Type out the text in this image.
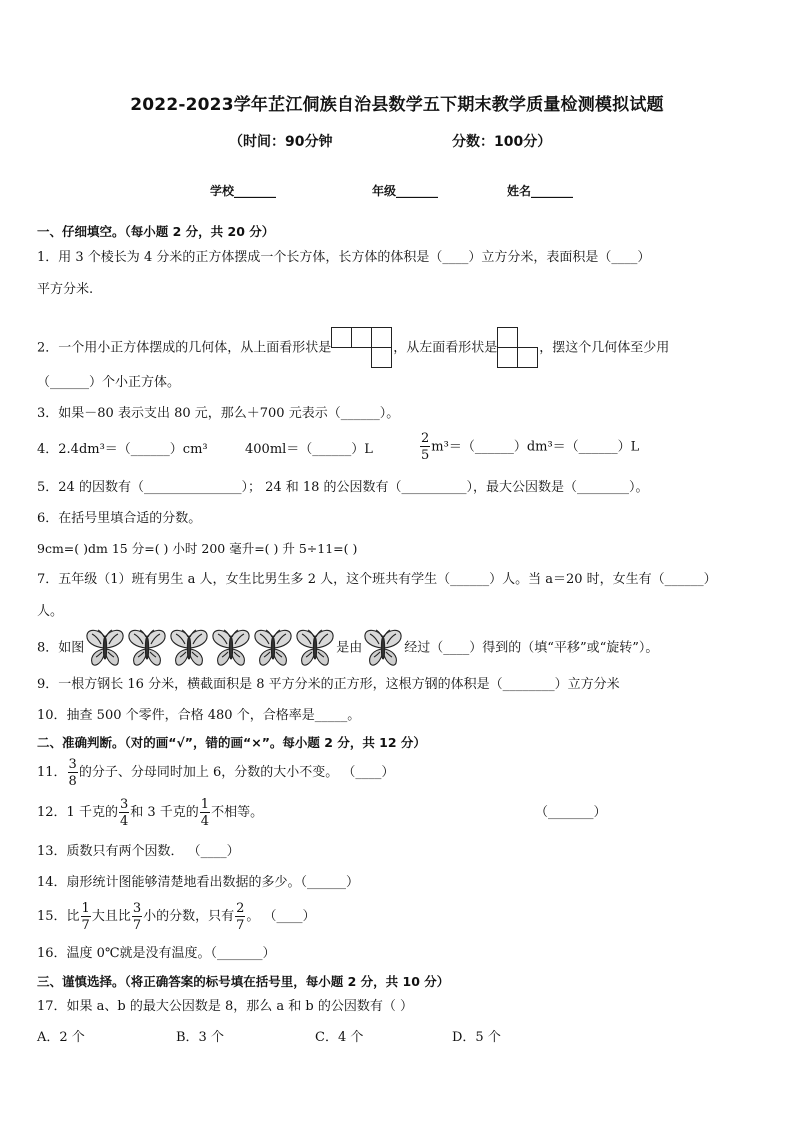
2022-2023学年芷江侗族自治县数学五下期末教学质量检测模拟试题
（时间：90分钟	分数：100分）
学校_______	年级_______	姓名_______
一、仔细填空。（每小题 2 分，共 20 分）
1．用 3 个棱长为 4 分米的正方体摆成一个长方体，长方体的体积是（____）立方分米，表面积是（____）
平方分米.
2．一个用小正方体摆成的几何体，从上面看形状是	，从左面看形状是	，摆这个几何体至少用
（______）个小正方体。
3．如果－80 表示支出 80 元，那么＋700 元表示（______）。
4．2.4dm³＝（______）cm³	400ml＝（______）L	$\frac{2}{5}$ m³＝（______）dm³＝（______）L
5．24 的因数有（_______________）； 24 和 18 的公因数有（__________），最大公因数是（________）。
6．在括号里填合适的分数。
9cm=( )dm 15 分=( ) 小时 200 毫升=( ) 升 5÷11=( )
7．五年级（1）班有男生 a 人，女生比男生多 2 人，这个班共有学生（______）人。当 a＝20 时，女生有（______）
人。
8．如图	是由	经过（____）得到的（填“平移”或“旋转”）。
9．一根方钢长 16 分米，横截面积是 8 平方分米的正方形，这根方钢的体积是（________）立方分米
10．抽查 500 个零件，合格 480 个，合格率是_____。
二、准确判断。（对的画“√”，错的画“×”。每小题 2 分，共 12 分）
11． $\frac{3}{8}$ 的分子、分母同时加上 6，分数的大小不变。 （____）
12．1 千克的 $\frac{3}{4}$ 和 3 千克的 $\frac{1}{4}$ 不相等。	（_______）
13．质数只有两个因数． （____）
14．扇形统计图能够清楚地看出数据的多少。（______）
15．比 $\frac{1}{7}$ 大且比 $\frac{3}{7}$ 小的分数，只有 $\frac{2}{7}$ 。 （____）
16．温度 0℃就是没有温度。（_______）
三、谨慎选择。（将正确答案的标号填在括号里，每小题 2 分，共 10 分）
17．如果 a、b 的最大公因数是 8，那么 a 和 b 的公因数有（ ）
A．2 个	B．3 个	C．4 个	D．5 个
